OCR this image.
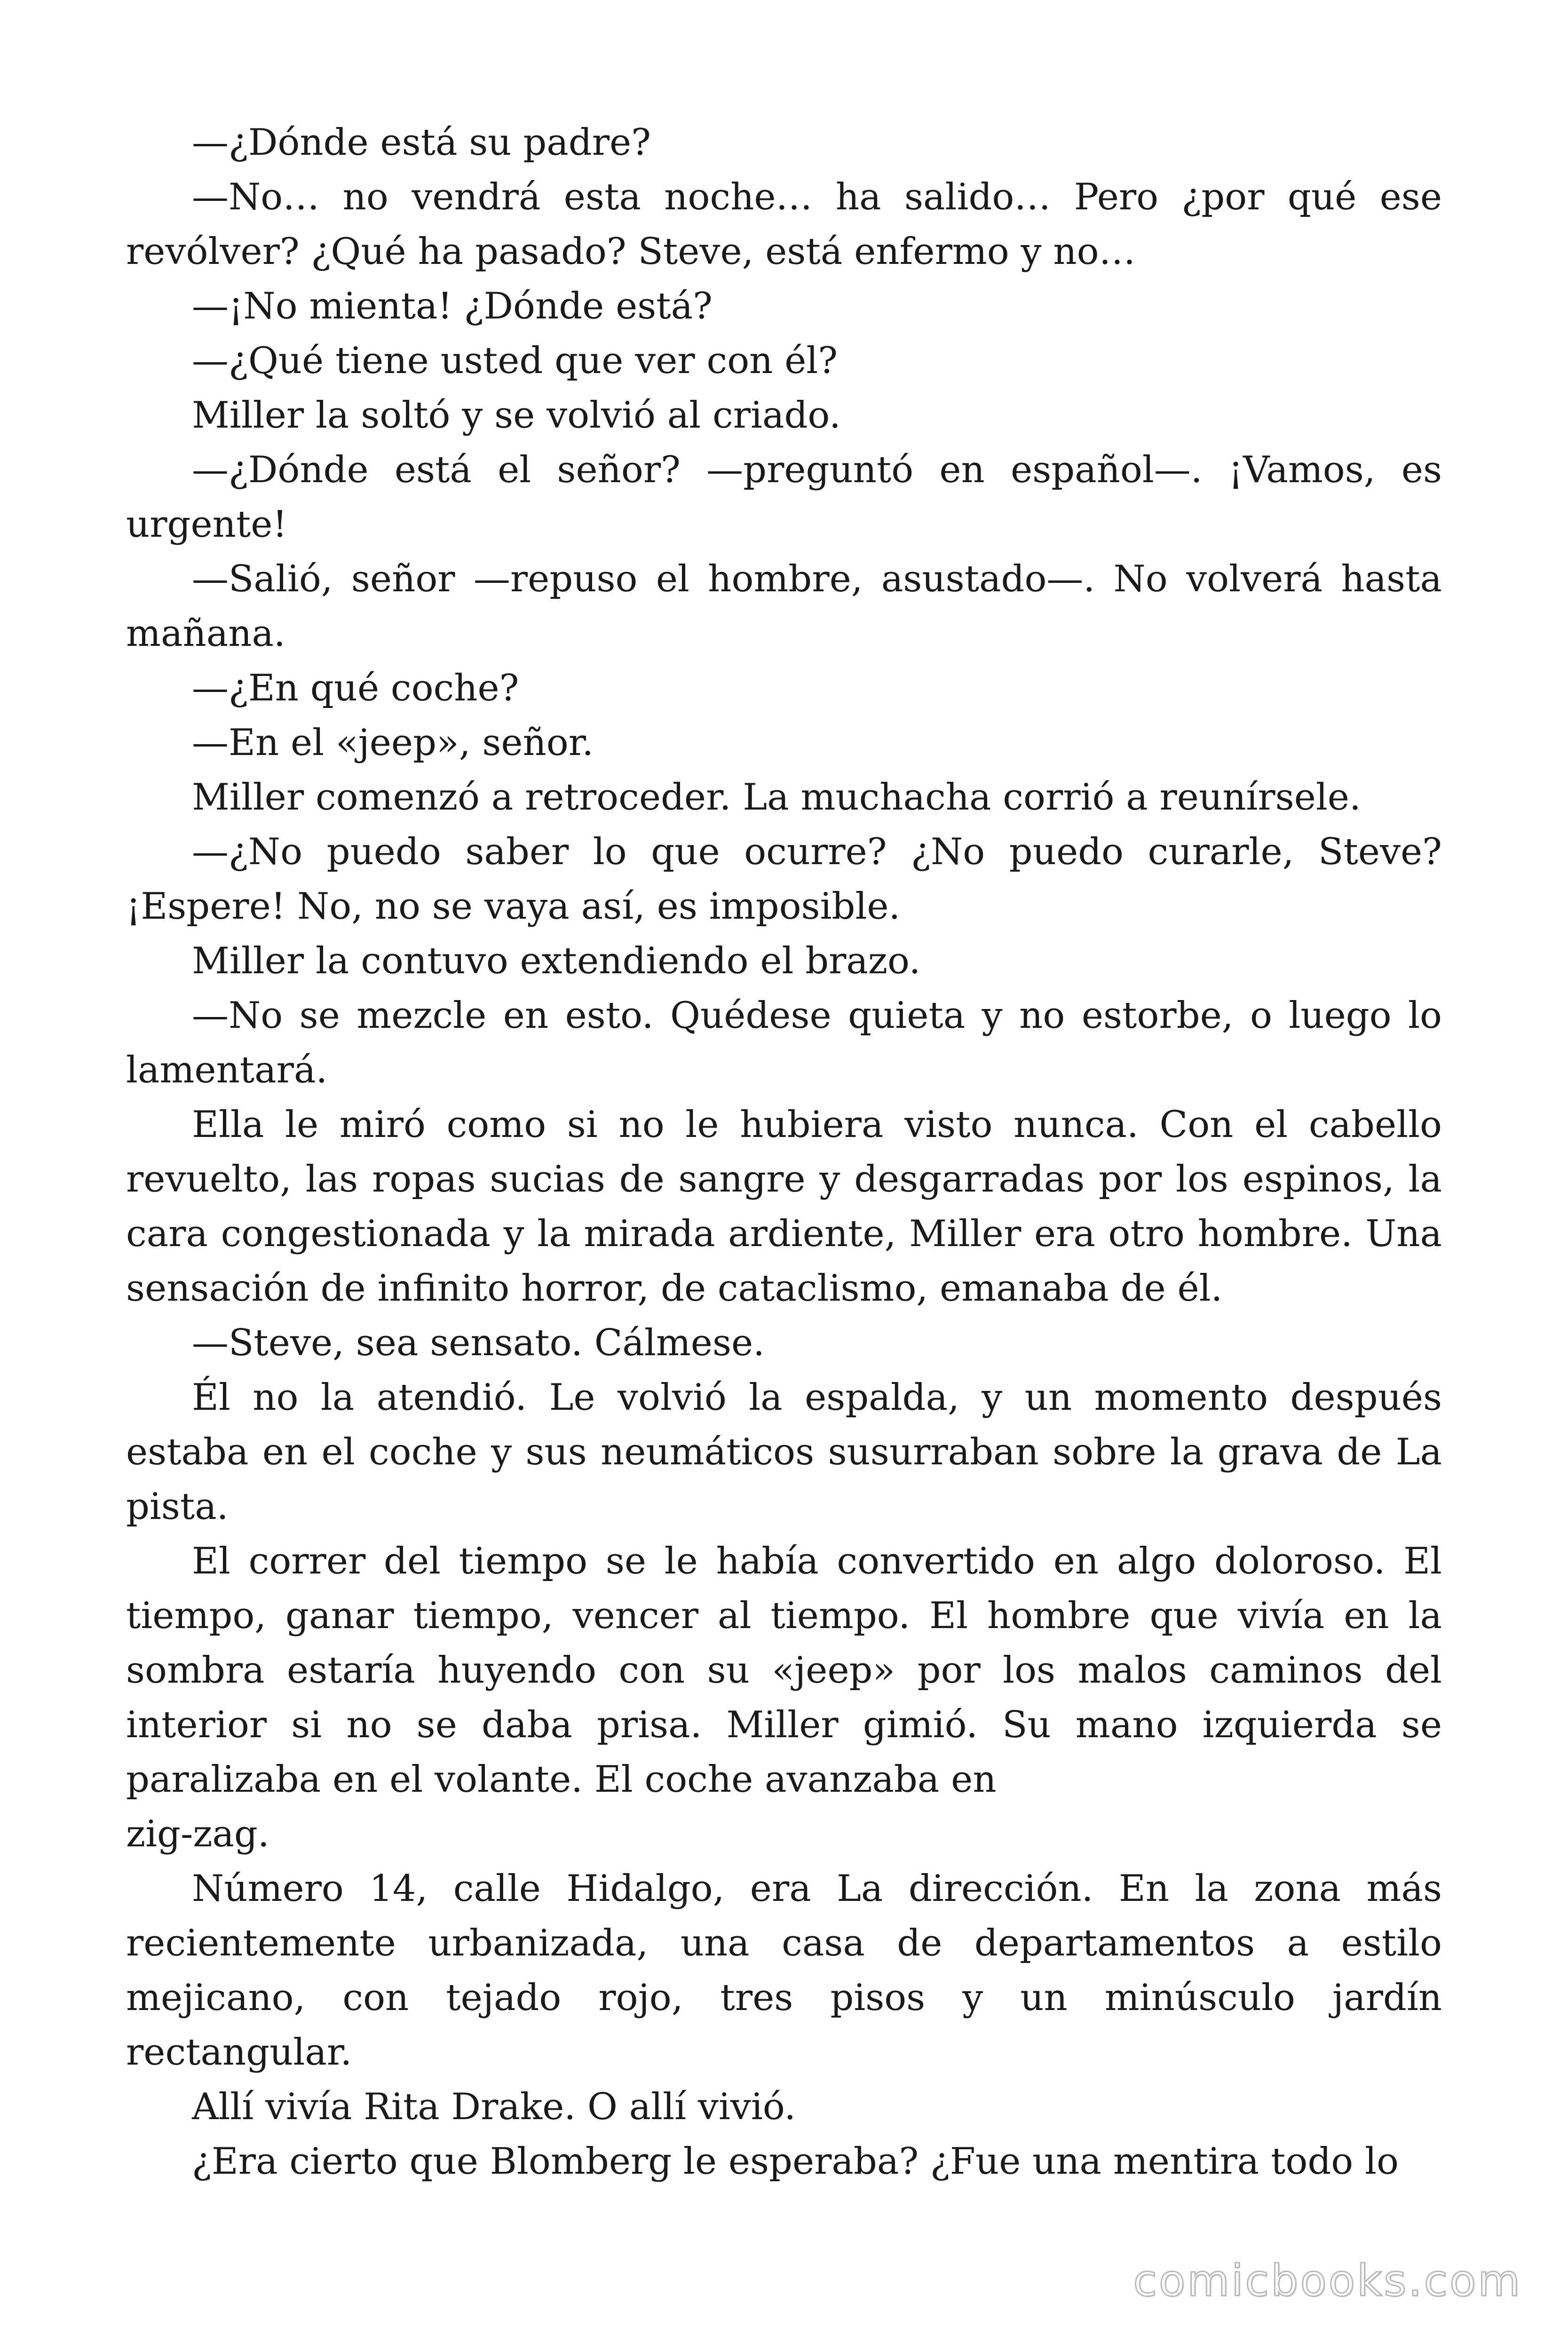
—¿Dónde está su padre?

—No… no vendrá esta noche… ha salido… Pero ¿por qué ese revólver? ¿Qué ha pasado? Steve, está enfermo y no…

—¡No mienta! ¿Dónde está?

—¿Qué tiene usted que ver con él?

Miller la soltó y se volvió al criado.

—¿Dónde está el señor? —preguntó en español—. ¡Vamos, es urgente!

—Salió, señor —repuso el hombre, asustado—. No volverá hasta mañana.

—¿En qué coche?

—En el «jeep», señor.

Miller comenzó a retroceder. La muchacha corrió a reunírsele.

—¿No puedo saber lo que ocurre? ¿No puedo curarle, Steve? ¡Espere! No, no se vaya así, es imposible.

Miller la contuvo extendiendo el brazo.

—No se mezcle en esto. Quédese quieta y no estorbe, o luego lo lamentará.

Ella le miró como si no le hubiera visto nunca. Con el cabello revuelto, las ropas sucias de sangre y desgarradas por los espinos, la cara congestionada y la mirada ardiente, Miller era otro hombre. Una sensación de infinito horror, de cataclismo, emanaba de él.

—Steve, sea sensato. Cálmese.

Él no la atendió. Le volvió la espalda, y un momento después estaba en el coche y sus neumáticos susurraban sobre la grava de La pista.

El correr del tiempo se le había convertido en algo doloroso. El tiempo, ganar tiempo, vencer al tiempo. El hombre que vivía en la sombra estaría huyendo con su «jeep» por los malos caminos del interior si no se daba prisa. Miller gimió. Su mano izquierda se paralizaba en el volante. El coche avanzaba en

zig-zag.

Número 14, calle Hidalgo, era La dirección. En la zona más recientemente urbanizada, una casa de departamentos a estilo mejicano, con tejado rojo, tres pisos y un minúsculo jardín rectangular.

Allí vivía Rita Drake. O allí vivió.

¿Era cierto que Blomberg le esperaba? ¿Fue una mentira todo lo

comicbooks.com
